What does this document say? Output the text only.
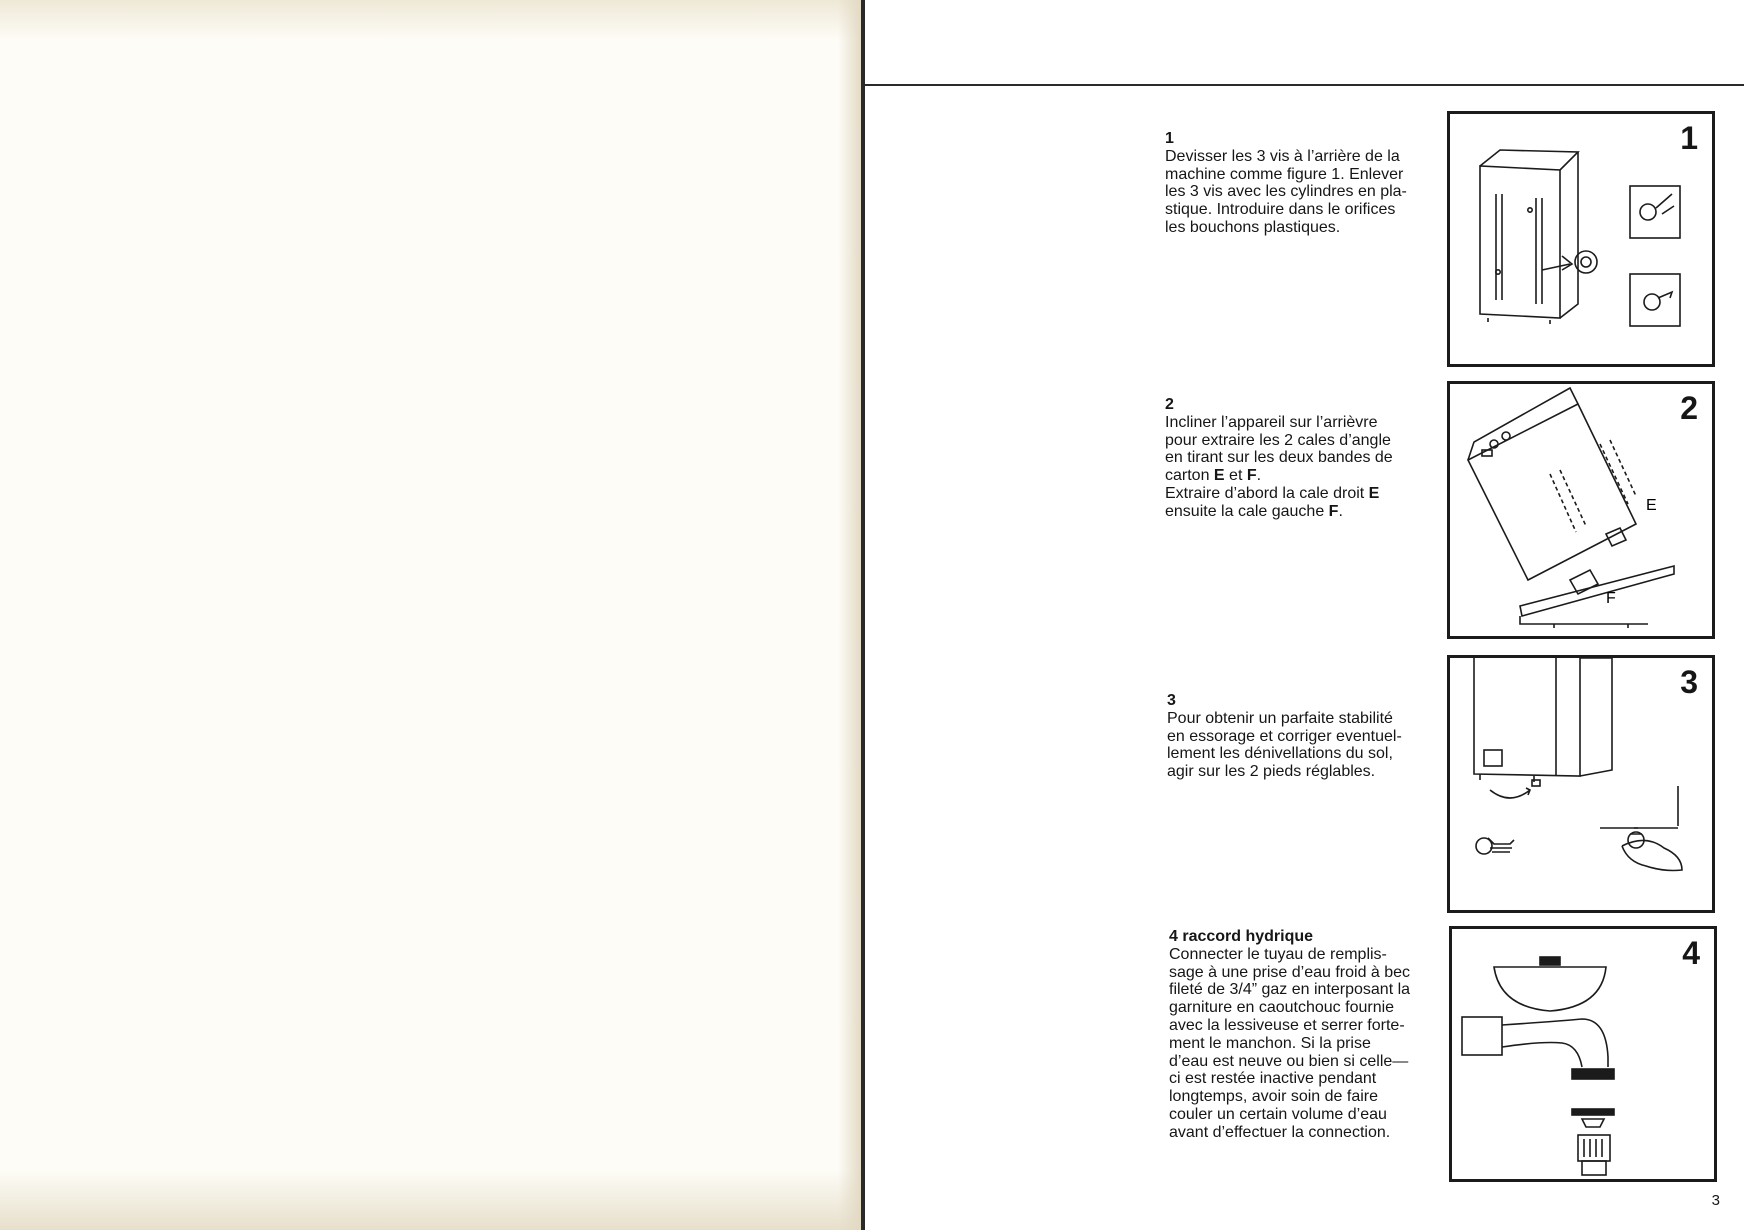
1
Devisser les 3 vis à l’arrière de la
machine comme figure 1. Enlever
les 3 vis avec les cylindres en pla-
stique. Introduire dans le orifices
les bouchons plastiques.
1
2
Incliner l’appareil sur l’arrièvre
pour extraire les 2 cales d’angle
en tirant sur les deux bandes de
carton E et F.
Extraire d’abord la cale droit E
ensuite la cale gauche F.	E
F
2
3
Pour obtenir un parfaite stabilité
en essorage et corriger eventuel-
lement les dénivellations du sol,
agir sur les 2 pieds réglables.
3
4 raccord hydrique
Connecter le tuyau de remplis-
sage à une prise d’eau froid à bec
fileté de 3/4” gaz en interposant la
garniture en caoutchouc fournie
avec la lessiveuse et serrer forte-
ment le manchon. Si la prise
d’eau est neuve ou bien si celle—
ci est restée inactive pendant
longtemps, avoir soin de faire
couler un certain volume d’eau
avant d’effectuer la connection.
4
3
